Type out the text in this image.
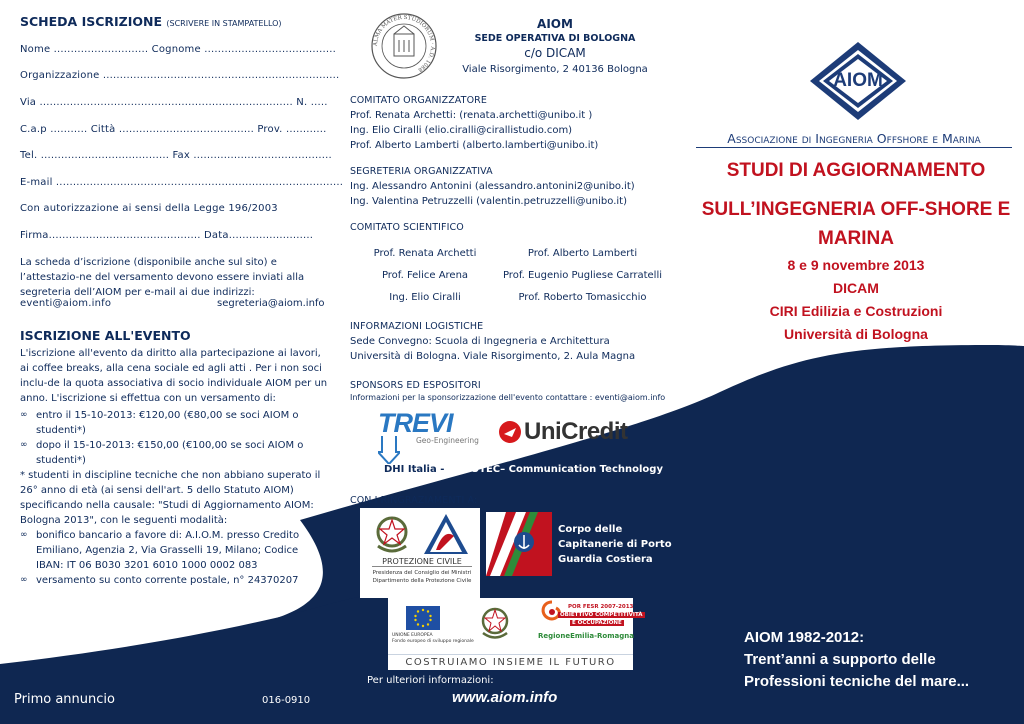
SCHEDA ISCRIZIONE (SCRIVERE IN STAMPATELLO)
Nome ............................ Cognome .......................................
Organizzazione ......................................................................
Via ........................................................................... N. .....
C.a.p ........... Città ........................................ Prov. ............
Tel. ...................................... Fax .........................................
E-mail .....................................................................................
Con autorizzazione ai sensi della Legge 196/2003
Firma............................................. Data.........................
La scheda d’iscrizione (disponibile anche sul sito) e l’attestazio-ne del versamento devono essere inviati alla segreteria dell’AIOM per e-mail ai due indirizzi:
eventi@aiom.info	segreteria@aiom.info
ISCRIZIONE ALL'EVENTO
L'iscrizione all'evento da diritto alla partecipazione ai lavori, ai coffee breaks, alla cena sociale ed agli atti . Per i non soci inclu-de la quota associativa di socio individuale AIOM per un anno. L'iscrizione si effettua con un versamento di:
∞ entro il 15-10-2013: €120,00 (€80,00 se soci AIOM o studenti*)
∞ dopo il 15-10-2013: €150,00 (€100,00 se soci AIOM o studenti*)
* studenti in discipline tecniche che non abbiano superato il 26° anno di età (ai sensi dell'art. 5 dello Statuto AIOM) specificando nella causale: "Studi di Aggiornamento AIOM: Bologna 2013", con le seguenti modalità:
∞ bonifico bancario a favore di: A.I.O.M. presso Credito Emiliano, Agenzia 2, Via Grasselli 19, Milano; Codice IBAN: IT 06 B030 3201 6010 1000 0002 083
∞ versamento su conto corrente postale, n° 24370207
Primo annuncio	016-0910
ALMA MATER STUDIORUM · A.D. 1088
AIOM
SEDE OPERATIVA DI BOLOGNA
c/o DICAM
Viale Risorgimento, 2 40136 Bologna
COMITATO ORGANIZZATORE
Prof. Renata Archetti: (renata.archetti@unibo.it )
Ing. Elio Ciralli (elio.ciralli@cirallistudio.com)
Prof. Alberto Lamberti (alberto.lamberti@unibo.it)
SEGRETERIA ORGANIZZATIVA
Ing. Alessandro Antonini (alessandro.antonini2@unibo.it)
Ing. Valentina Petruzzelli (valentin.petruzzelli@unibo.it)
COMITATO SCIENTIFICO
Prof. Renata Archetti
Prof. Felice Arena
Ing. Elio Ciralli
Prof. Alberto Lamberti
Prof. Eugenio Pugliese Carratelli
Prof. Roberto Tomasicchio
INFORMAZIONI LOGISTICHE
Sede Convegno: Scuola di Ingegneria e Architettura
Università di Bologna. Viale Risorgimento, 2. Aula Magna
SPONSORS ED ESPOSITORI
Informazioni per la sponsorizzazione dell'evento contattare : eventi@aiom.info
TREVI
Geo-Engineering UniCredit
DHI Italia - AGEOTEC– Communication Technology
CON I RINGRAZIAMENTI A:
PROTEZIONE CIVILE
Presidenza del Consiglio dei Ministri
Dipartimento della Protezione Civile
Corpo delle
Capitanerie di Porto
Guardia Costiera
UNIONE EUROPEA
Fondo europeo di sviluppo regionale
POR FESR 2007-2013
OBIETTIVO COMPETITIVITÀ
E OCCUPAZIONE
RegioneEmilia-Romagna
COSTRUIAMO INSIEME IL FUTURO
Per ulteriori informazioni:
www.aiom.info
AIOM
Associazione di Ingegneria Offshore e Marina
STUDI DI AGGIORNAMENTO
SULL’INGEGNERIA OFF-SHORE E
MARINA
8 e 9 novembre 2013
DICAM
CIRI Edilizia e Costruzioni
Università di Bologna
AIOM 1982-2012:
Trent’anni a supporto delle
Professioni tecniche del mare...
